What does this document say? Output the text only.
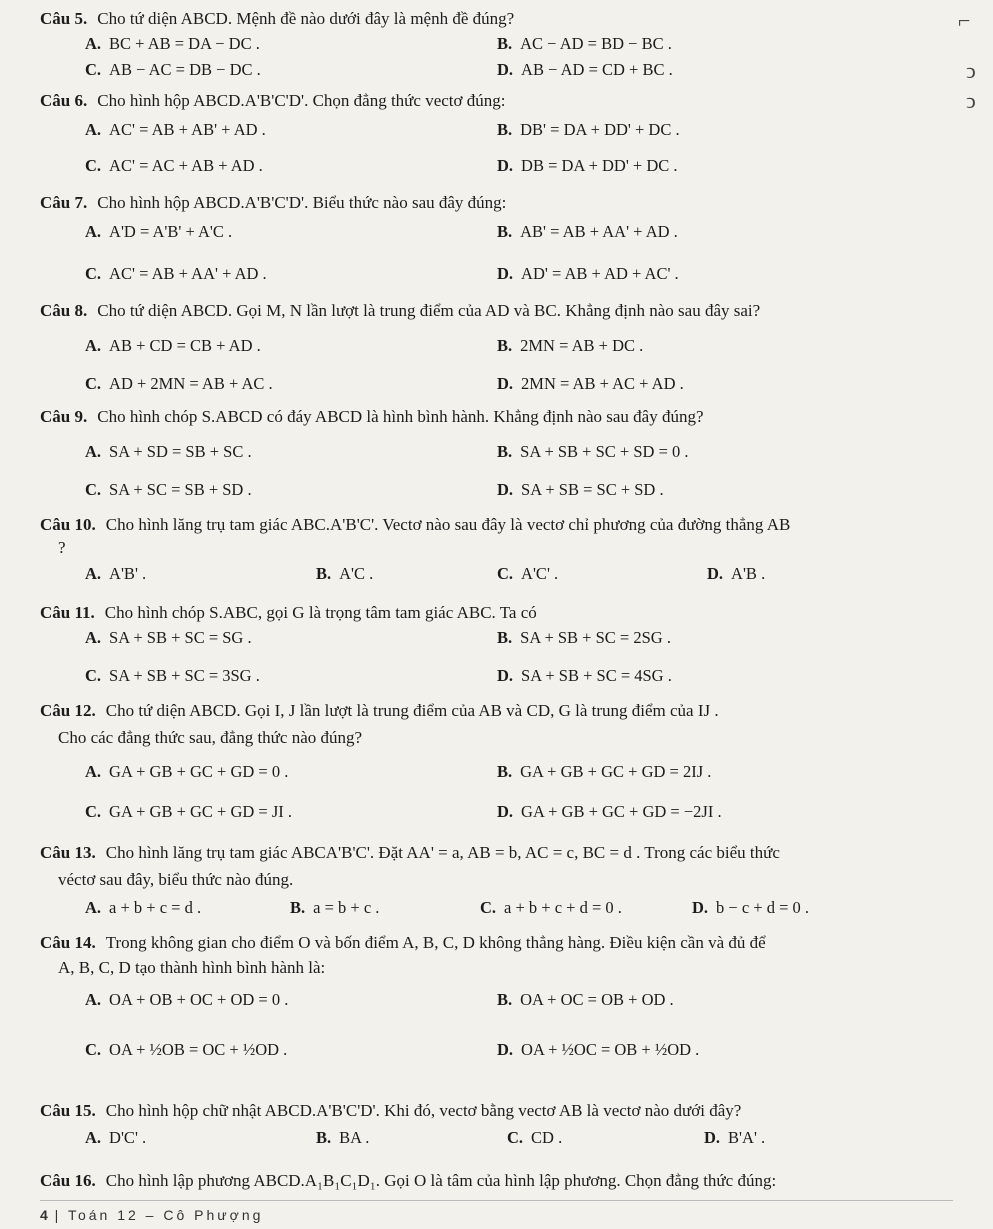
Câu 5. Cho tứ diện ABCD. Mệnh đề nào dưới đây là mệnh đề đúng?
A. BC + AB = DA − DC .	B. AC − AD = BD − BC .
C. AB − AC = DB − DC .	D. AB − AD = CD + BC .
Câu 6. Cho hình hộp ABCD.A'B'C'D'. Chọn đẳng thức vectơ đúng:
A. AC' = AB + AB' + AD .	B. DB' = DA + DD' + DC .
C. AC' = AC + AB + AD .	D. DB = DA + DD' + DC .
Câu 7. Cho hình hộp ABCD.A'B'C'D'. Biểu thức nào sau đây đúng:
A. A'D = A'B' + A'C .	B. AB' = AB + AA' + AD .
C. AC' = AB + AA' + AD .	D. AD' = AB + AD + AC' .
Câu 8. Cho tứ diện ABCD. Gọi M, N lần lượt là trung điểm của AD và BC. Khẳng định nào sau đây sai?
A. AB + CD = CB + AD .	B. 2MN = AB + DC .
C. AD + 2MN = AB + AC .	D. 2MN = AB + AC + AD .
Câu 9. Cho hình chóp S.ABCD có đáy ABCD là hình bình hành. Khẳng định nào sau đây đúng?
A. SA + SD = SB + SC .	B. SA + SB + SC + SD = 0 .
C. SA + SC = SB + SD .	D. SA + SB = SC + SD .
Câu 10. Cho hình lăng trụ tam giác ABC.A'B'C'. Vectơ nào sau đây là vectơ chỉ phương của đường thẳng AB
?
A. A'B' .	B. A'C .	C. A'C' .	D. A'B .
Câu 11. Cho hình chóp S.ABC, gọi G là trọng tâm tam giác ABC. Ta có
A. SA + SB + SC = SG .	B. SA + SB + SC = 2SG .
C. SA + SB + SC = 3SG .	D. SA + SB + SC = 4SG .
Câu 12. Cho tứ diện ABCD. Gọi I, J lần lượt là trung điểm của AB và CD, G là trung điểm của IJ .
Cho các đẳng thức sau, đẳng thức nào đúng?
A. GA + GB + GC + GD = 0 .	B. GA + GB + GC + GD = 2IJ .
C. GA + GB + GC + GD = JI .	D. GA + GB + GC + GD = −2JI .
Câu 13. Cho hình lăng trụ tam giác ABCA'B'C'. Đặt AA' = a, AB = b, AC = c, BC = d . Trong các biểu thức
véctơ sau đây, biểu thức nào đúng.
A. a + b + c = d .	B. a = b + c .	C. a + b + c + d = 0 .	D. b − c + d = 0 .
Câu 14. Trong không gian cho điểm O và bốn điểm A, B, C, D không thẳng hàng. Điều kiện cần và đủ để
A, B, C, D tạo thành hình bình hành là:
A. OA + OB + OC + OD = 0 .	B. OA + OC = OB + OD .
C. OA + ½OB = OC + ½OD .	D. OA + ½OC = OB + ½OD .
Câu 15. Cho hình hộp chữ nhật ABCD.A'B'C'D'. Khi đó, vectơ bằng vectơ AB là vectơ nào dưới đây?
A. D'C' .	B. BA .	C. CD .	D. B'A' .
Câu 16. Cho hình lập phương ABCD.A₁B₁C₁D₁. Gọi O là tâm của hình lập phương. Chọn đẳng thức đúng:
4 | Toán 12 – Cô Phượng
⌐
ↄ
ↄ
